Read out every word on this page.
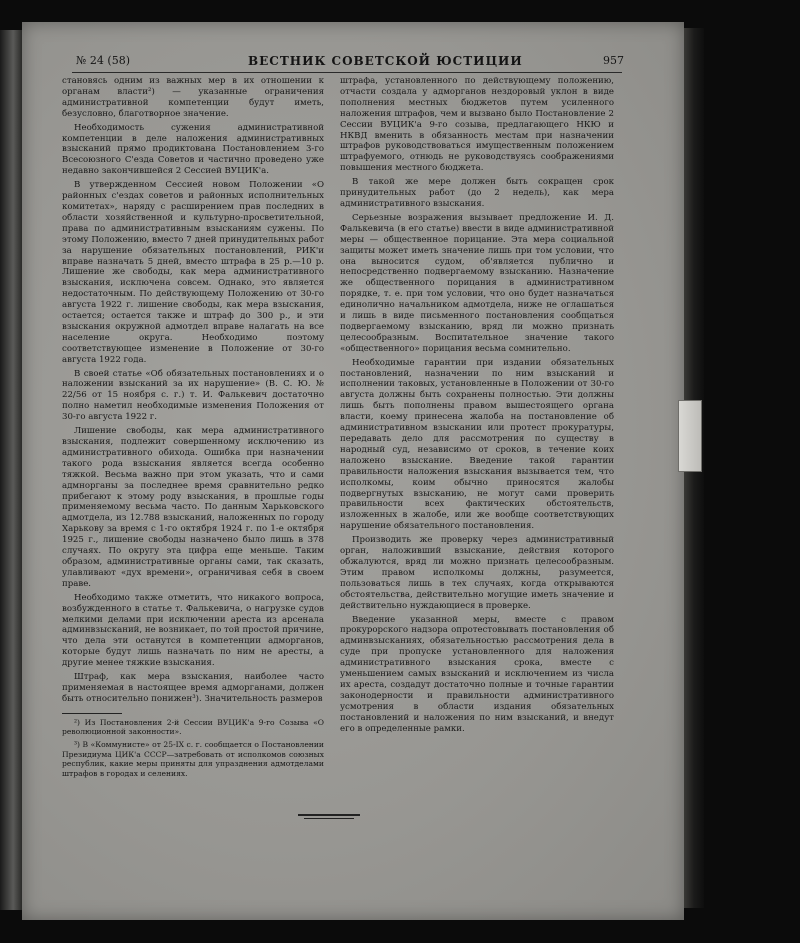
№ 24 (58)	ВЕСТНИК СОВЕТСКОЙ ЮСТИЦИИ	957

становясь одним из важных мер в их отношении к органам власти²) — указанные ограничения административной компетенции будут иметь, безусловно, благотворное значение.

Необходимость сужения административной компетенции в деле наложения административных взысканий прямо продиктована Постановлением 3-го Всесоюзного С'езда Советов и частично проведено уже недавно закончившейся 2 Сессией ВУЦИК'а.

В утвержденном Сессией новом Положении «О районных с'ездах советов и районных исполнительных комитетах», наряду с расширением прав последних в области хозяйственной и культурно-просветительной, права по административным взысканиям сужены. По этому Положению, вместо 7 дней принудительных работ за нарушение обязательных постановлений, РИК'и вправе назначать 5 дней, вместо штрафа в 25 р.—10 р. Лишение же свободы, как мера административного взыскания, исключена совсем. Однако, это является недостаточным. По действующему Положению от 30-го августа 1922 г. лишение свободы, как мера взыскания, остается; остается также и штраф до 300 р., и эти взыскания окружной адмотдел вправе налагать на все население округа. Необходимо поэтому соответствующее изменение в Положение от 30-го августа 1922 года.

В своей статье «Об обязательных постановлениях и о наложении взысканий за их нарушение» (В. С. Ю. № 22/56 от 15 ноября с. г.) т. И. Фалькевич достаточно полно наметил необходимые изменения Положения от 30-го августа 1922 г.

Лишение свободы, как мера административного взыскания, подлежит совершенному исключению из административного обихода. Ошибка при назначении такого рода взыскания является всегда особенно тяжкой. Весьма важно при этом указать, что и сами адмнорганы за последнее время сравнительно редко прибегают к этому роду взыскания, в прошлые годы применяемому весьма часто. По данным Харьковского адмотдела, из 12.788 взысканий, наложенных по городу Харькову за время с 1-го октября 1924 г. по 1-е октября 1925 г., лишение свободы назначено было лишь в 378 случаях. По округу эта цифра еще меньше. Таким образом, административные органы сами, так сказать, улавливают «дух времени», ограничивая себя в своем праве.

Необходимо также отметить, что никакого вопроса, возбужденного в статье т. Фалькевича, о нагрузке судов мелкими делами при исключении ареста из арсенала админвзысканий, не возникает, по той простой причине, что дела эти останутся в компетенции адморганов, которые будут лишь назначать по ним не аресты, а другие менее тяжкие взыскания.

Штраф, как мера взыскания, наиболее часто применяемая в настоящее время адморганами, должен быть относительно понижен³). Значительность размеров

²) Из Постановления 2-й Сессии ВУЦИК'а 9-го Созыва «О революционной законности».

³) В «Коммунисте» от 25-IX с. г. сообщается о Постановлении Президиума ЦИК'а СССР—затребовать от исполкомов союзных республик, какие меры приняты для упразднения адмотделами штрафов в городах и селениях.

штрафа, установленного по действующему положению, отчасти создала у адморганов нездоровый уклон в виде пополнения местных бюджетов путем усиленного наложения штрафов, чем и вызвано было Постановление 2 Сессии ВУЦИК'а 9-го созыва, предлагающего НКЮ и НКВД вменить в обязанность местам при назначении штрафов руководствоваться имущественным положением штрафуемого, отнюдь не руководствуясь соображениями повышения местного бюджета.

В такой же мере должен быть сокращен срок принудительных работ (до 2 недель), как мера административного взыскания.

Серьезные возражения вызывает предложение И. Д. Фалькевича (в его статье) ввести в виде административной меры — общественное порицание. Эта мера социальной защиты может иметь значение лишь при том условии, что она выносится судом, об'является публично и непосредственно подвергаемому взысканию. Назначение же общественного порицания в административном порядке, т. е. при том условии, что оно будет назначаться единолично начальником адмотдела, ниже не оглашаться и лишь в виде письменного постановления сообщаться подвергаемому взысканию, вряд ли можно признать целесообразным. Воспитательное значение такого «общественного» порицания весьма сомнительно.

Необходимые гарантии при издании обязательных постановлений, назначении по ним взысканий и исполнении таковых, установленные в Положении от 30-го августа должны быть сохранены полностью. Эти должны лишь быть пополнены правом вышестоящего органа власти, коему принесена жалоба на постановление об административном взыскании или протест прокуратуры, передавать дело для рассмотрения по существу в народный суд, независимо от сроков, в течение коих наложено взыскание. Введение такой гарантии правильности наложения взыскания вызывается тем, что исполкомы, коим обычно приносятся жалобы подвергнутых взысканию, не могут сами проверить правильности всех фактических обстоятельств, изложенных в жалобе, или же вообще соответствующих нарушение обязательного постановления.

Производить же проверку через административный орган, наложивший взыскание, действия которого обжалуются, вряд ли можно признать целесообразным. Этим правом исполкомы должны, разумеется, пользоваться лишь в тех случаях, когда открываются обстоятельства, действительно могущие иметь значение и действительно нуждающиеся в проверке.

Введение указанной меры, вместе с правом прокурорского надзора опротестовывать постановления об админвзысканиях, обязательностью рассмотрения дела в суде при пропуске установленного для наложения административного взыскания срока, вместе с уменьшением самых взысканий и исключением из числа их ареста, создадут достаточно полные и точные гарантии законодерности и правильности административного усмотрения в области издания обязательных постановлений и наложения по ним взысканий, и внедут его в определенные рамки.
